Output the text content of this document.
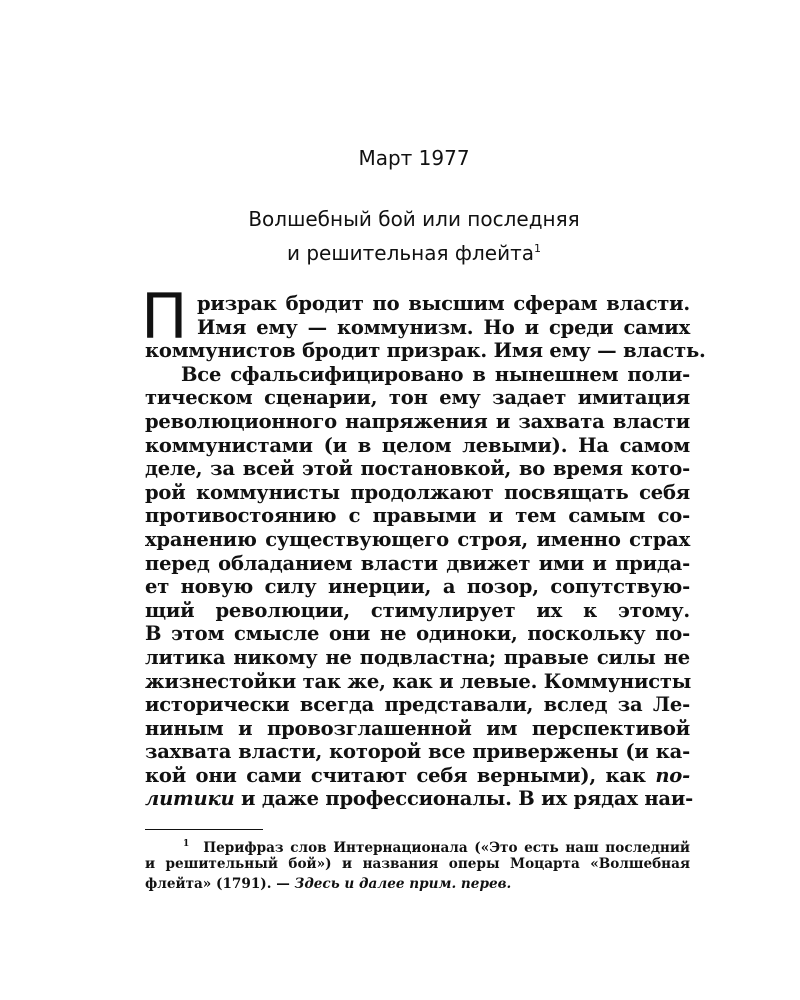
Март 1977
Волшебный бой или последняя
и решительная флейта$^1$
П ризрак бродит по высшим сферам власти.
Имя ему — коммунизм. Но и среди самих
коммунистов бродит призрак. Имя ему — власть.
Все сфальсифицировано в нынешнем поли-
тическом сценарии, тон ему задает имитация
революционного напряжения и захвата власти
коммунистами (и в целом левыми). На самом
деле, за всей этой постановкой, во время кото-
рой коммунисты продолжают посвящать себя
противостоянию с правыми и тем самым со-
хранению существующего строя, именно страх
перед обладанием власти движет ими и прида-
ет новую силу инерции, а позор, сопутствую-
щий революции, стимулирует их к этому.
В этом смысле они не одиноки, поскольку по-
литика никому не подвластна; правые силы не
жизнестойки так же, как и левые. Коммунисты
исторически всегда представали, вслед за Ле-
ниным и провозглашенной им перспективой
захвата власти, которой все привержены (и ка-
кой они сами считают себя верными), как по-
литики и даже профессионалы. В их рядах наи-
$^1$ Перифраз слов Интернационала («Это есть наш последний
и решительный бой») и названия оперы Моцарта «Волшебная
флейта» (1791). — Здесь и далее прим. перев.
